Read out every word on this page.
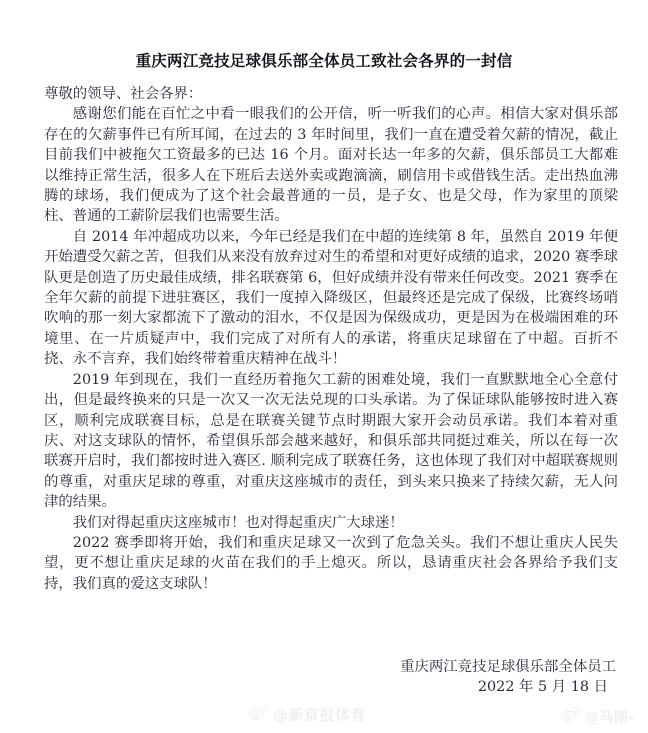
重庆两江竞技足球俱乐部全体员工致社会各界的一封信

尊敬的领导、社会各界：

感谢您们能在百忙之中看一眼我们的公开信，听一听我们的心声。相信大家对俱乐部存在的欠薪事件已有所耳闻，在过去的 3 年时间里，我们一直在遭受着欠薪的情况，截止目前我们中被拖欠工资最多的已达 16 个月。面对长达一年多的欠薪，俱乐部员工大都难以维持正常生活，很多人在下班后去送外卖或跑滴滴，刷信用卡或借钱生活。走出热血沸腾的球场，我们便成为了这个社会最普通的一员，是子女、也是父母，作为家里的顶梁柱、普通的工薪阶层我们也需要生活。

自 2014 年冲超成功以来，今年已经是我们在中超的连续第 8 年，虽然自 2019 年便开始遭受欠薪之苦，但我们从来没有放弃过对生的希望和对更好成绩的追求，2020 赛季球队更是创造了历史最佳成绩，排名联赛第 6，但好成绩并没有带来任何改变。2021 赛季在全年欠薪的前提下进驻赛区，我们一度掉入降级区，但最终还是完成了保级，比赛终场哨吹响的那一刻大家都流下了激动的泪水，不仅是因为保级成功，更是因为在极端困难的环境里、在一片质疑声中，我们完成了对所有人的承诺，将重庆足球留在了中超。百折不挠、永不言弃，我们始终带着重庆精神在战斗！

2019 年到现在，我们一直经历着拖欠工薪的困难处境，我们一直默默地全心全意付出，但是最终换来的只是一次又一次无法兑现的口头承诺。为了保证球队能够按时进入赛区，顺利完成联赛目标，总是在联赛关键节点时期跟大家开会动员承诺。我们本着对重庆、对这支球队的情怀，希望俱乐部会越来越好，和俱乐部共同挺过难关，所以在每一次联赛开启时，我们都按时进入赛区. 顺利完成了联赛任务，这也体现了我们对中超联赛规则的尊重，对重庆足球的尊重，对重庆这座城市的责任，到头来只换来了持续欠薪，无人问津的结果。

我们对得起重庆这座城市！也对得起重庆广大球迷！

2022 赛季即将开始，我们和重庆足球又一次到了危急关头。我们不想让重庆人民失望，更不想让重庆足球的火苗在我们的手上熄灭。所以，恳请重庆社会各界给予我们支持，我们真的爱这支球队！

重庆两江竞技足球俱乐部全体员工
2022 年 5 月 18 日
@新京报体育	@马刚-
